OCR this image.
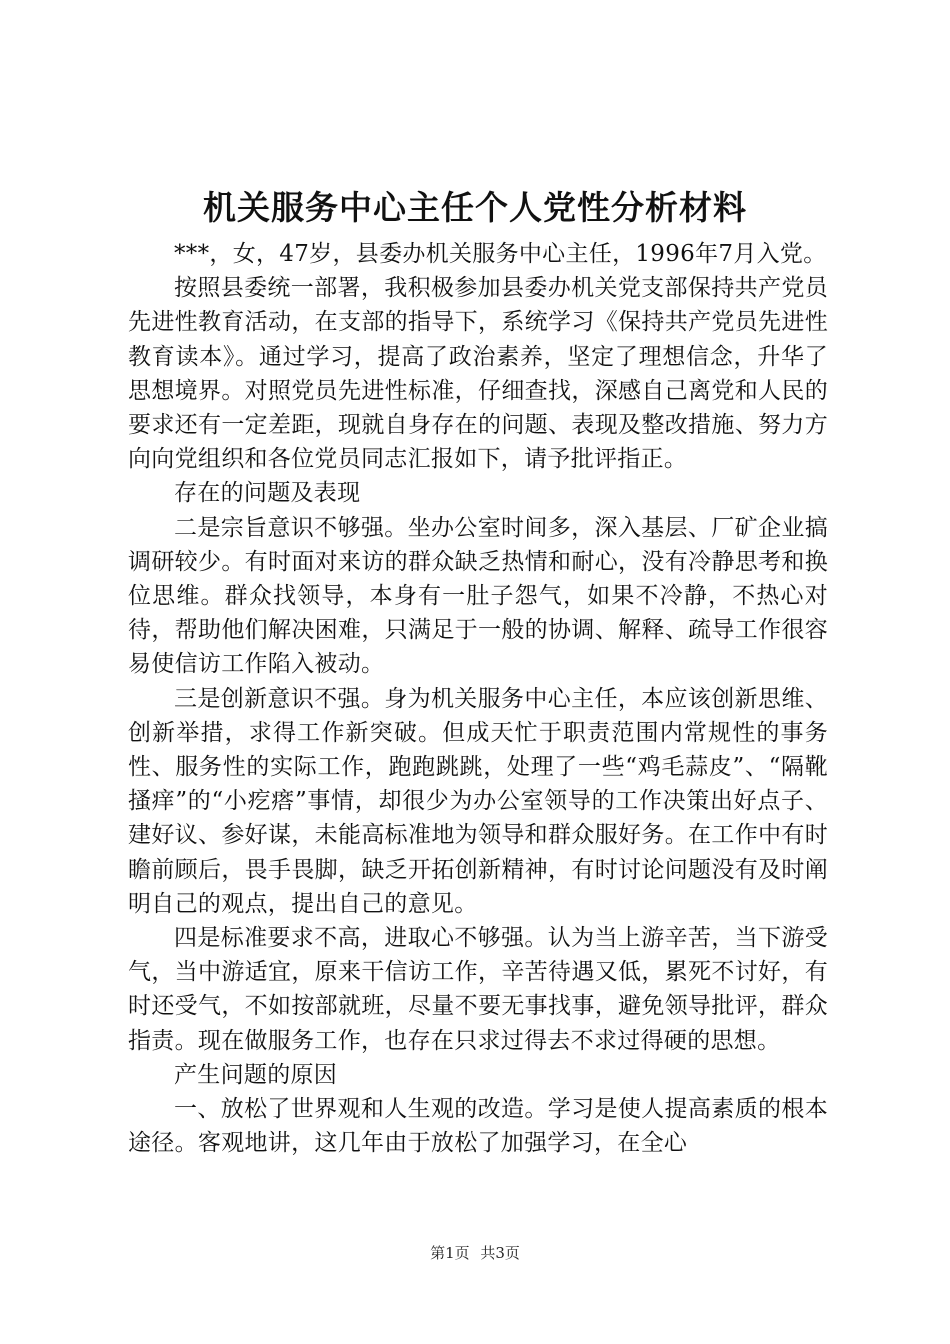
机关服务中心主任个人党性分析材料

***，女，47岁，县委办机关服务中心主任，1996年7月入党。

按照县委统一部署，我积极参加县委办机关党支部保持共产党员先进性教育活动，在支部的指导下，系统学习《保持共产党员先进性教育读本》。通过学习，提高了政治素养，坚定了理想信念，升华了思想境界。对照党员先进性标准，仔细查找，深感自己离党和人民的要求还有一定差距，现就自身存在的问题、表现及整改措施、努力方向向党组织和各位党员同志汇报如下，请予批评指正。

存在的问题及表现

二是宗旨意识不够强。坐办公室时间多，深入基层、厂矿企业搞调研较少。有时面对来访的群众缺乏热情和耐心，没有冷静思考和换位思维。群众找领导，本身有一肚子怨气，如果不冷静，不热心对待，帮助他们解决困难，只满足于一般的协调、解释、疏导工作很容易使信访工作陷入被动。

三是创新意识不强。身为机关服务中心主任，本应该创新思维、创新举措，求得工作新突破。但成天忙于职责范围内常规性的事务性、服务性的实际工作，跑跑跳跳，处理了一些“鸡毛蒜皮”、“隔靴搔痒”的“小疙瘩”事情，却很少为办公室领导的工作决策出好点子、建好议、参好谋，未能高标准地为领导和群众服好务。在工作中有时瞻前顾后，畏手畏脚，缺乏开拓创新精神，有时讨论问题没有及时阐明自己的观点，提出自己的意见。

四是标准要求不高，进取心不够强。认为当上游辛苦，当下游受气，当中游适宜，原来干信访工作，辛苦待遇又低，累死不讨好，有时还受气，不如按部就班，尽量不要无事找事，避免领导批评，群众指责。现在做服务工作，也存在只求过得去不求过得硬的思想。

产生问题的原因

一、放松了世界观和人生观的改造。学习是使人提高素质的根本途径。客观地讲，这几年由于放松了加强学习，在全心

第1页 共3页
